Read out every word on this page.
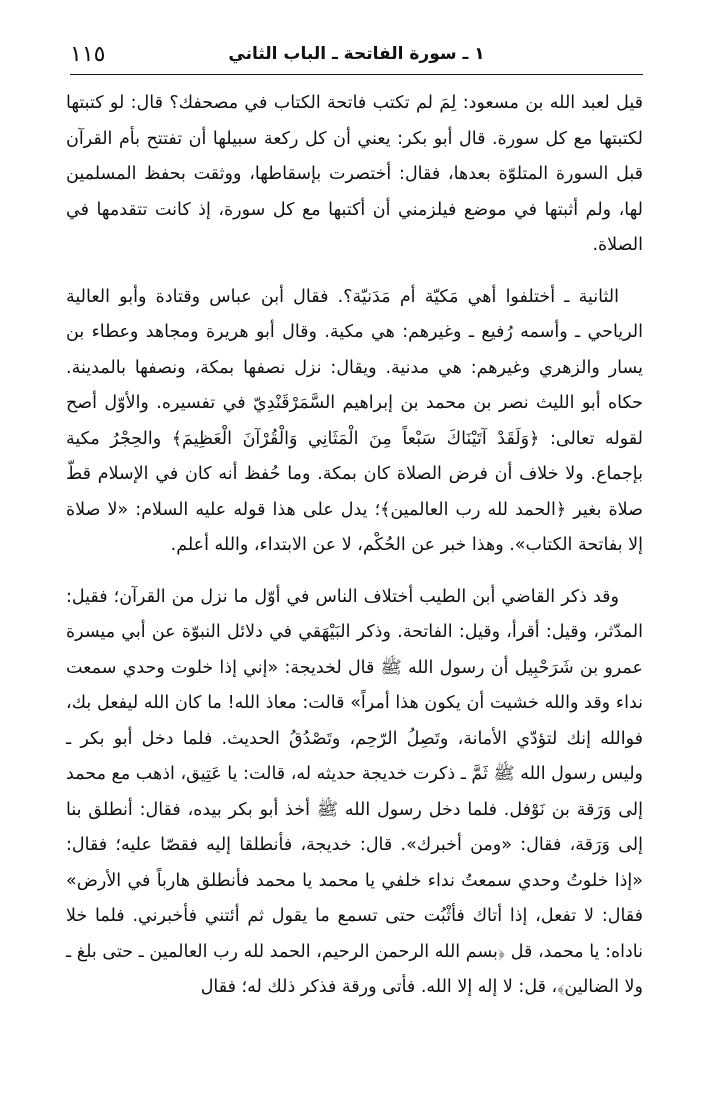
١١٥	١ ـ سورة الفاتحة ـ الباب الثاني

قيل لعبد الله بن مسعود: لِمَ لم تكتب فاتحة الكتاب في مصحفك؟ قال: لو كتبتها لكتبتها مع كل سورة. قال أبو بكر: يعني أن كل ركعة سبيلها أن تفتتح بأم القرآن قبل السورة المتلوّة بعدها، فقال: أختصرت بإسقاطها، ووثقت بحفظ المسلمين لها، ولم أثبتها في موضع فيلزمني أن أكتبها مع كل سورة، إذ كانت تتقدمها في الصلاة.

الثانية ـ أختلفوا أهي مَكيّة أم مَدَنيّة؟. فقال أبن عباس وقتادة وأبو العالية الرياحي ـ وأسمه رُفيع ـ وغيرهم: هي مكية. وقال أبو هريرة ومجاهد وعطاء بن يسار والزهري وغيرهم: هي مدنية. ويقال: نزل نصفها بمكة، ونصفها بالمدينة. حكاه أبو الليث نصر بن محمد بن إبراهيم السَّمَرْقَنْدِيّ في تفسيره. والأوّل أصح لقوله تعالى: ﴿وَلَقَدْ آتَيْنَاكَ سَبْعاً مِنَ الْمَثَانِي وَالْقُرْآنَ الْعَظِيمَ﴾ والحِجْرُ مكية بإجماع. ولا خلاف أن فرض الصلاة كان بمكة. وما حُفظ أنه كان في الإسلام قطّ صلاة بغير ﴿الحمد لله رب العالمين﴾؛ يدل على هذا قوله عليه السلام: «لا صلاة إلا بفاتحة الكتاب». وهذا خبر عن الحُكْم، لا عن الابتداء، والله أعلم.

وقد ذكر القاضي أبن الطيب أختلاف الناس في أوّل ما نزل من القرآن؛ فقيل: المدّثر، وقيل: أقرأ، وقيل: الفاتحة. وذكر البَيْهَقي في دلائل النبوّة عن أبي ميسرة عمرو بن شَرَحْبِيل أن رسول الله ﷺ قال لخديجة: «إني إذا خلوت وحدي سمعت نداء وقد والله خشيت أن يكون هذا أمراً» قالت: معاذ الله! ما كان الله ليفعل بك، فوالله إنك لتؤدّي الأمانة، وتَصِلُ الرّحِم، وتَصْدُقُ الحديث. فلما دخل أبو بكر ـ وليس رسول الله ﷺ ثَمَّ ـ ذكرت خديجة حديثه له، قالت: يا عَتِيق، اذهب مع محمد إلى وَرَقة بن نَوْفل. فلما دخل رسول الله ﷺ أخذ أبو بكر بيده، فقال: أنطلق بنا إلى وَرَقة، فقال: «ومن أخبرك». قال: خديجة، فأنطلقا إليه فقصّا عليه؛ فقال: «إذا خلوتُ وحدي سمعتُ نداء خلفي يا محمد يا محمد فأنطلق هارباً في الأرض» فقال: لا تفعل، إذا أتاك فأثْبُت حتى تسمع ما يقول ثم أئتني فأخبرني. فلما خلا ناداه: يا محمد، قل ﴿بسم الله الرحمن الرحيم، الحمد لله رب العالمين ـ حتى بلغ ـ ولا الضالين﴾، قل: لا إله إلا الله. فأتى ورقة فذكر ذلك له؛ فقال
